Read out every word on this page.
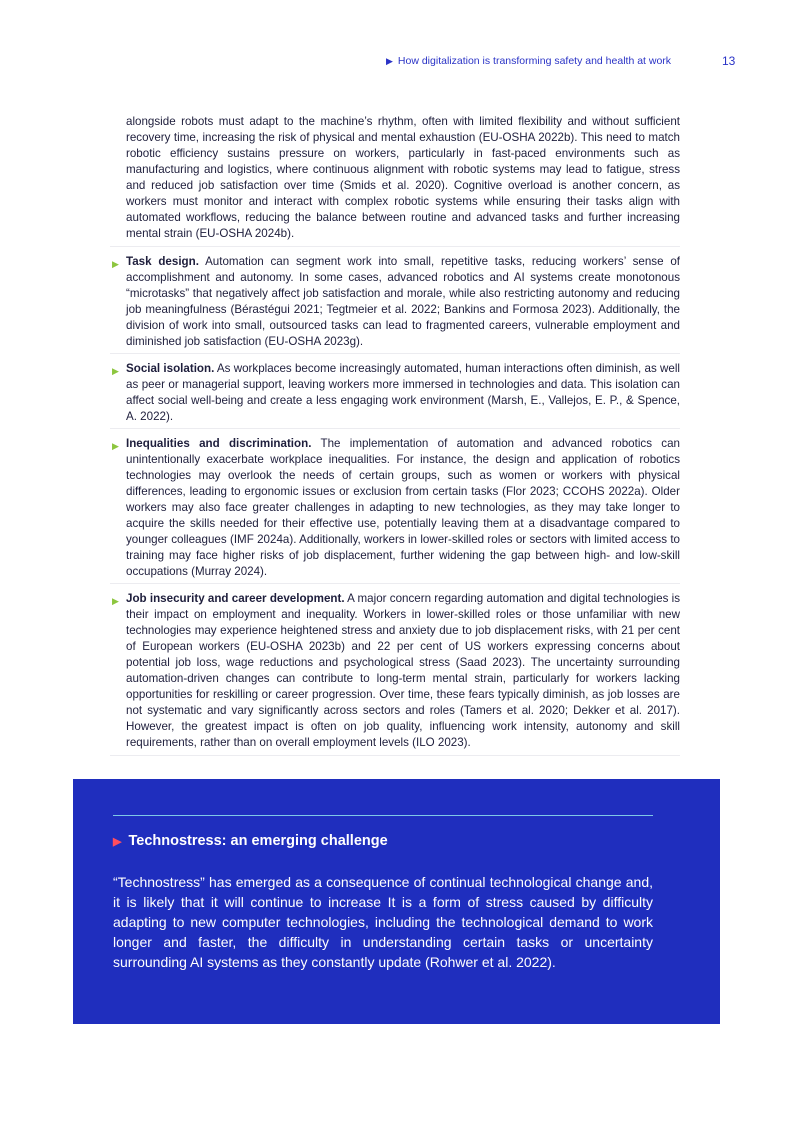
▶ How digitalization is transforming safety and health at work	13
alongside robots must adapt to the machine’s rhythm, often with limited flexibility and without sufficient recovery time, increasing the risk of physical and mental exhaustion (EU-OSHA 2022b). This need to match robotic efficiency sustains pressure on workers, particularly in fast-paced environments such as manufacturing and logistics, where continuous alignment with robotic systems may lead to fatigue, stress and reduced job satisfaction over time (Smids et al. 2020). Cognitive overload is another concern, as workers must monitor and interact with complex robotic systems while ensuring their tasks align with automated workflows, reducing the balance between routine and advanced tasks and further increasing mental strain (EU-OSHA 2024b).
▶ Task design. Automation can segment work into small, repetitive tasks, reducing workers’ sense of accomplishment and autonomy. In some cases, advanced robotics and AI systems create monotonous “microtasks” that negatively affect job satisfaction and morale, while also restricting autonomy and reducing job meaningfulness (Bérastégui 2021; Tegtmeier et al. 2022; Bankins and Formosa 2023). Additionally, the division of work into small, outsourced tasks can lead to fragmented careers, vulnerable employment and diminished job satisfaction (EU-OSHA 2023g).
▶ Social isolation. As workplaces become increasingly automated, human interactions often diminish, as well as peer or managerial support, leaving workers more immersed in technologies and data. This isolation can affect social well-being and create a less engaging work environment (Marsh, E., Vallejos, E. P., & Spence, A. 2022).
▶ Inequalities and discrimination. The implementation of automation and advanced robotics can unintentionally exacerbate workplace inequalities. For instance, the design and application of robotics technologies may overlook the needs of certain groups, such as women or workers with physical differences, leading to ergonomic issues or exclusion from certain tasks (Flor 2023; CCOHS 2022a). Older workers may also face greater challenges in adapting to new technologies, as they may take longer to acquire the skills needed for their effective use, potentially leaving them at a disadvantage compared to younger colleagues (IMF 2024a). Additionally, workers in lower-skilled roles or sectors with limited access to training may face higher risks of job displacement, further widening the gap between high- and low-skill occupations (Murray 2024).
▶ Job insecurity and career development. A major concern regarding automation and digital technologies is their impact on employment and inequality. Workers in lower-skilled roles or those unfamiliar with new technologies may experience heightened stress and anxiety due to job displacement risks, with 21 per cent of European workers (EU-OSHA 2023b) and 22 per cent of US workers expressing concerns about potential job loss, wage reductions and psychological stress (Saad 2023). The uncertainty surrounding automation-driven changes can contribute to long-term mental strain, particularly for workers lacking opportunities for reskilling or career progression. Over time, these fears typically diminish, as job losses are not systematic and vary significantly across sectors and roles (Tamers et al. 2020; Dekker et al. 2017). However, the greatest impact is often on job quality, influencing work intensity, autonomy and skill requirements, rather than on overall employment levels (ILO 2023).
▶ Technostress: an emerging challenge
“Technostress” has emerged as a consequence of continual technological change and, it is likely that it will continue to increase It is a form of stress caused by difficulty adapting to new computer technologies, including the technological demand to work longer and faster, the difficulty in understanding certain tasks or uncertainty surrounding AI systems as they constantly update (Rohwer et al. 2022).
